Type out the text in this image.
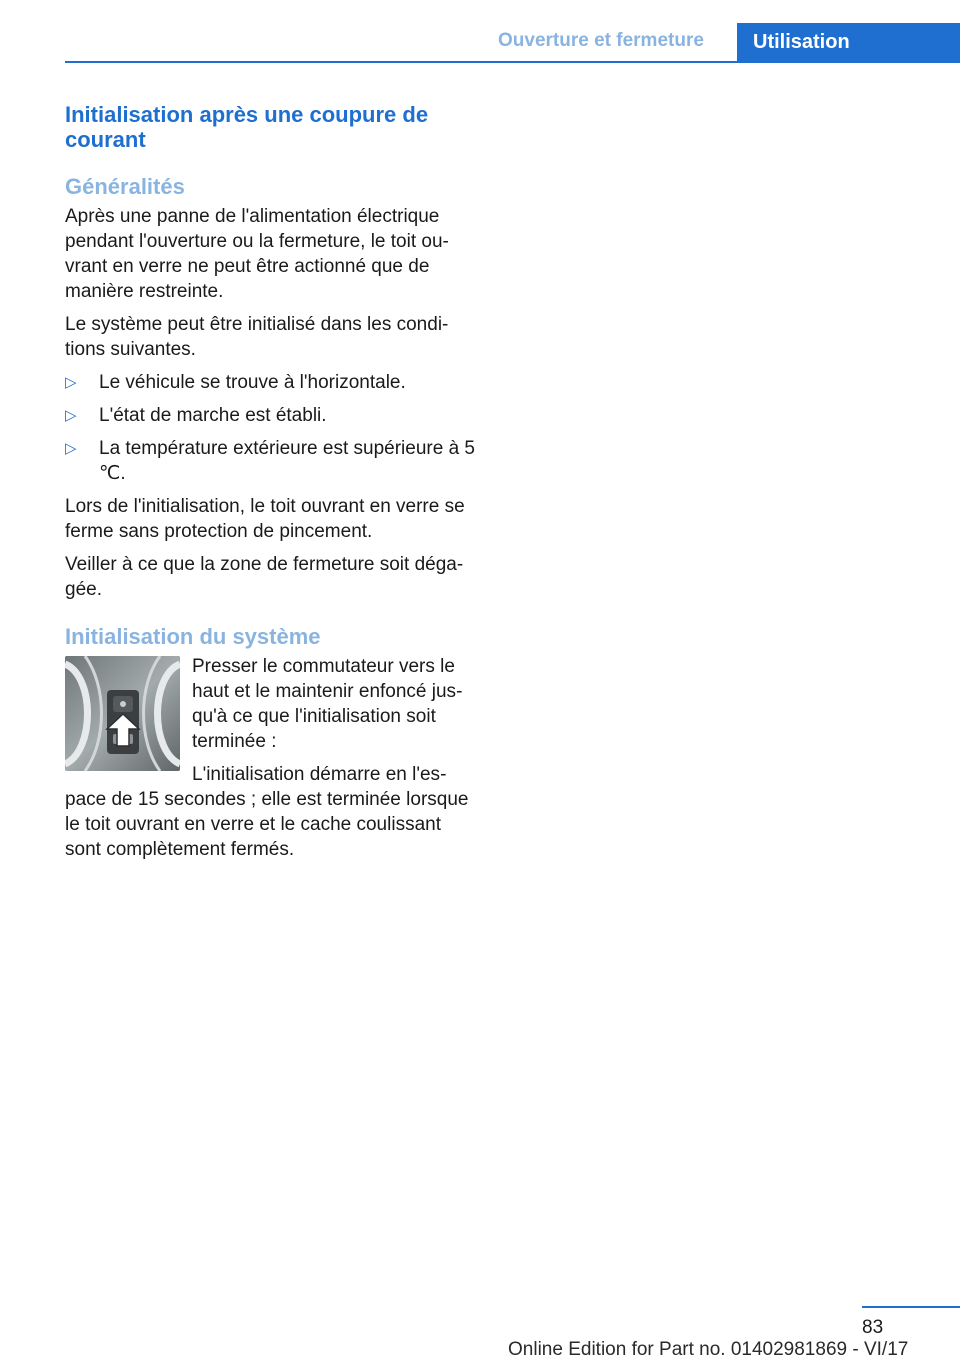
Ouverture et fermeture Utilisation
Initialisation après une coupure de courant
Généralités

Après une panne de l'alimentation électrique pendant l'ouverture ou la fermeture, le toit ouvrant en verre ne peut être actionné que de manière restreinte.

Le système peut être initialisé dans les conditions suivantes.

▷ Le véhicule se trouve à l'horizontale.
▷ L'état de marche est établi.
▷ La température extérieure est supérieure à 5 ℃.

Lors de l'initialisation, le toit ouvrant en verre se ferme sans protection de pincement.

Veiller à ce que la zone de fermeture soit dégagée.

Initialisation du système

Presser le commutateur vers le haut et le maintenir enfoncé jusqu'à ce que l'initialisation soit terminée :

L'initialisation démarre en l'espace de 15 secondes ; elle est terminée lorsque le toit ouvrant en verre et le cache coulissant sont complètement fermés.

83
Online Edition for Part no. 01402981869 - VI/17
